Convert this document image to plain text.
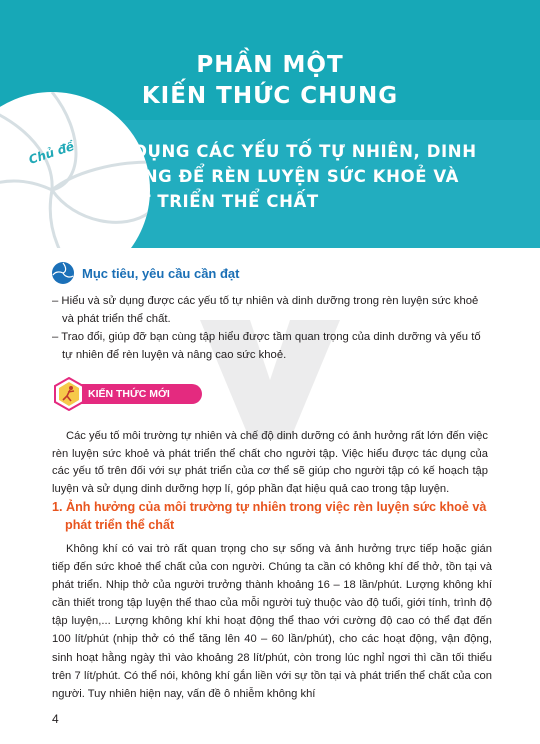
Chủ đề
PHẦN MỘT
KIẾN THỨC CHUNG
SỬ DỤNG CÁC YẾU TỐ TỰ NHIÊN, DINH
DƯỠNG ĐỂ RÈN LUYỆN SỨC KHOẺ VÀ
PHÁT TRIỂN THỂ CHẤT
Mục tiêu, yêu cầu cần đạt
– Hiểu và sử dụng được các yếu tố tự nhiên và dinh dưỡng trong rèn luyện sức khoẻ và phát triển thể chất.
– Trao đổi, giúp đỡ bạn cùng tập hiểu được tầm quan trọng của dinh dưỡng và yếu tố tự nhiên để rèn luyện và nâng cao sức khoẻ.
KIẾN THỨC MỚI

Các yếu tố môi trường tự nhiên và chế độ dinh dưỡng có ảnh hưởng rất lớn đến việc rèn luyện sức khoẻ và phát triển thể chất cho người tập. Việc hiểu được tác dụng của các yếu tố trên đối với sự phát triển của cơ thể sẽ giúp cho người tập có kế hoạch tập luyện và sử dụng dinh dưỡng hợp lí, góp phần đạt hiệu quả cao trong tập luyện.

1. Ảnh hưởng của môi trường tự nhiên trong việc rèn luyện sức khoẻ và
phát triển thể chất

Không khí có vai trò rất quan trọng cho sự sống và ảnh hưởng trực tiếp hoặc gián tiếp đến sức khoẻ thể chất của con người. Chúng ta cần có không khí để thở, tồn tại và phát triển. Nhịp thở của người trưởng thành khoảng 16 – 18 lần/phút. Lượng không khí cần thiết trong tập luyện thể thao của mỗi người tuỳ thuộc vào độ tuổi, giới tính, trình độ tập luyện,... Lượng không khí khi hoạt động thể thao với cường độ cao có thể đạt đến 100 lít/phút (nhịp thở có thể tăng lên 40 – 60 lần/phút), cho các hoạt động, vận động, sinh hoạt hằng ngày thì vào khoảng 28 lít/phút, còn trong lúc nghỉ ngơi thì cần tối thiểu trên 7 lít/phút. Có thể nói, không khí gắn liền với sự tồn tại và phát triển thể chất của con người. Tuy nhiên hiện nay, vấn đề ô nhiễm không khí

4
